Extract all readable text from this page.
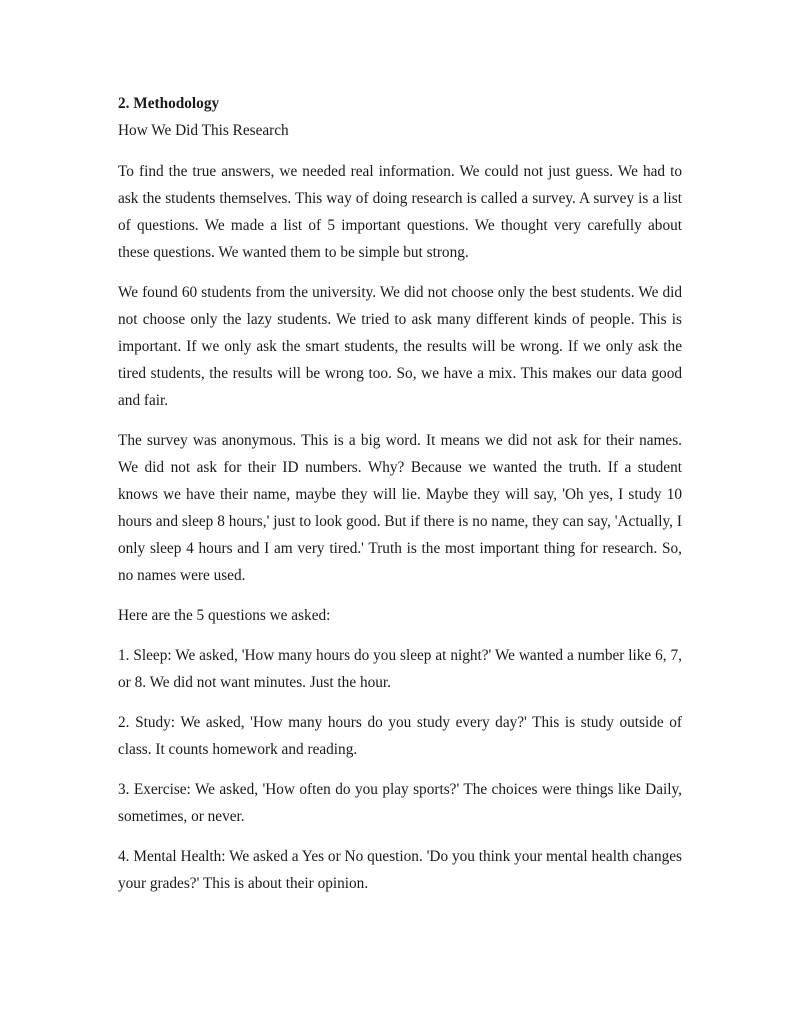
2. Methodology

How We Did This Research

To find the true answers, we needed real information. We could not just guess. We had to ask the students themselves. This way of doing research is called a survey. A survey is a list of questions. We made a list of 5 important questions. We thought very carefully about these questions. We wanted them to be simple but strong.

We found 60 students from the university. We did not choose only the best students. We did not choose only the lazy students. We tried to ask many different kinds of people. This is important. If we only ask the smart students, the results will be wrong. If we only ask the tired students, the results will be wrong too. So, we have a mix. This makes our data good and fair.

The survey was anonymous. This is a big word. It means we did not ask for their names. We did not ask for their ID numbers. Why? Because we wanted the truth. If a student knows we have their name, maybe they will lie. Maybe they will say, 'Oh yes, I study 10 hours and sleep 8 hours,' just to look good. But if there is no name, they can say, 'Actually, I only sleep 4 hours and I am very tired.' Truth is the most important thing for research. So, no names were used.

Here are the 5 questions we asked:

1. Sleep: We asked, 'How many hours do you sleep at night?' We wanted a number like 6, 7, or 8. We did not want minutes. Just the hour.

2. Study: We asked, 'How many hours do you study every day?' This is study outside of class. It counts homework and reading.

3. Exercise: We asked, 'How often do you play sports?' The choices were things like Daily, sometimes, or never.

4. Mental Health: We asked a Yes or No question. 'Do you think your mental health changes your grades?' This is about their opinion.
